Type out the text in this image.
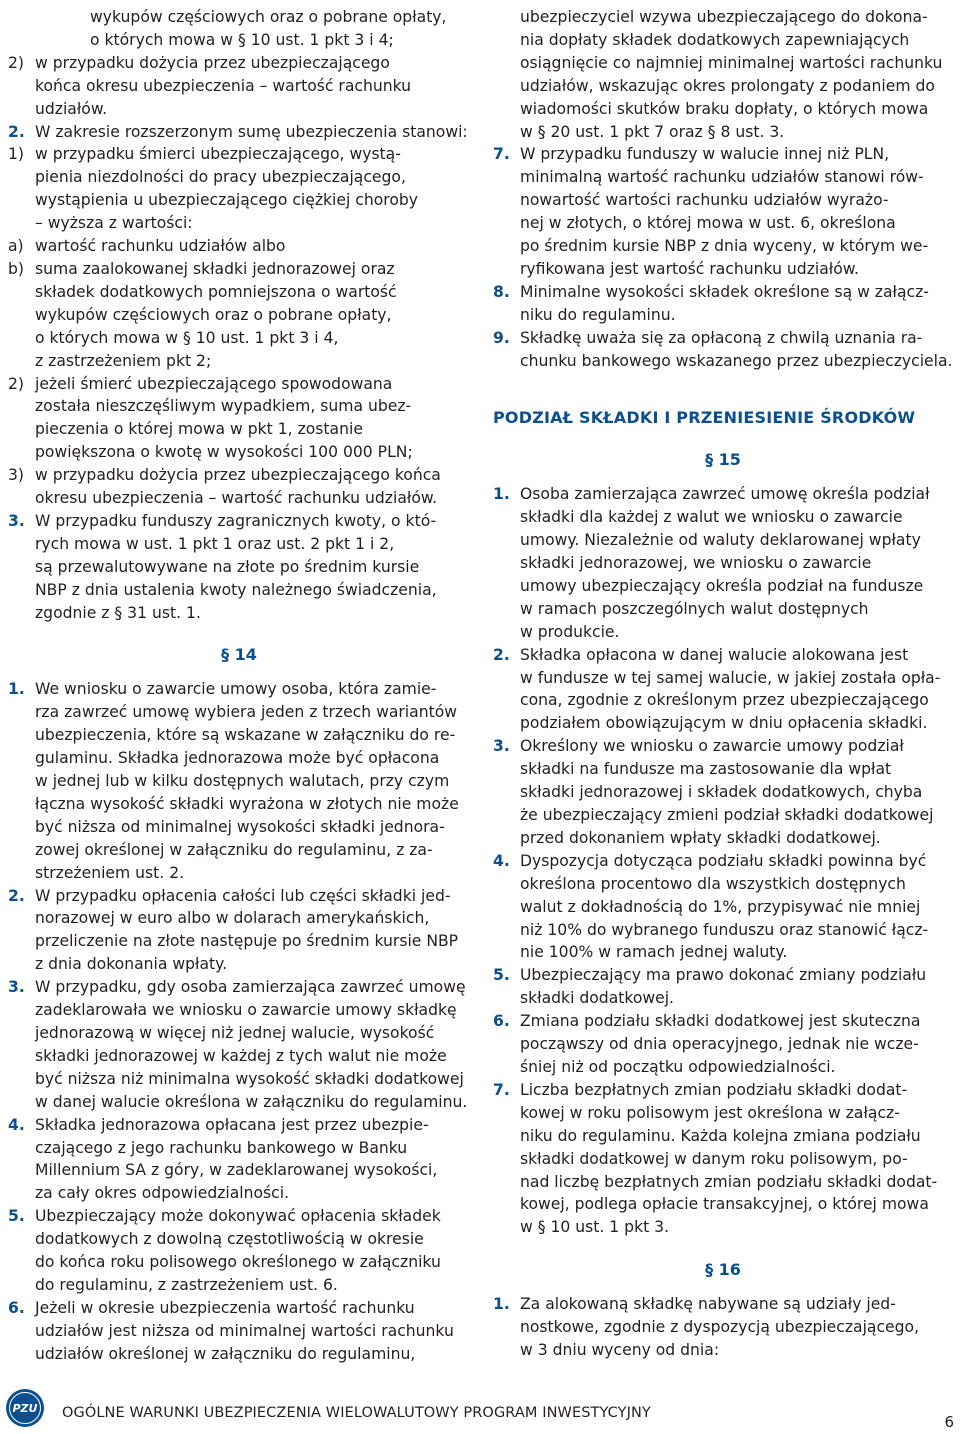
wykupów częściowych oraz o pobrane opłaty,
o których mowa w § 10 ust. 1 pkt 3 i 4;
2) w przypadku dożycia przez ubezpieczającego
końca okresu ubezpieczenia – wartość rachunku
udziałów.
2. W zakresie rozszerzonym sumę ubezpieczenia stanowi:
1) w przypadku śmierci ubezpieczającego, wystą-
pienia niezdolności do pracy ubezpieczającego,
wystąpienia u ubezpieczającego ciężkiej choroby
– wyższa z wartości:
a) wartość rachunku udziałów albo
b) suma zaalokowanej składki jednorazowej oraz
składek dodatkowych pomniejszona o wartość
wykupów częściowych oraz o pobrane opłaty,
o których mowa w § 10 ust. 1 pkt 3 i 4,
z zastrzeżeniem pkt 2;
2) jeżeli śmierć ubezpieczającego spowodowana
została nieszczęśliwym wypadkiem, suma ubez-
pieczenia o której mowa w pkt 1, zostanie
powiększona o kwotę w wysokości 100 000 PLN;
3) w przypadku dożycia przez ubezpieczającego końca
okresu ubezpieczenia – wartość rachunku udziałów.
3. W przypadku funduszy zagranicznych kwoty, o któ-
rych mowa w ust. 1 pkt 1 oraz ust. 2 pkt 1 i 2,
są przewalutowywane na złote po średnim kursie
NBP z dnia ustalenia kwoty należnego świadczenia,
zgodnie z § 31 ust. 1.
§ 14
1. We wniosku o zawarcie umowy osoba, która zamie-
rza zawrzeć umowę wybiera jeden z trzech wariantów
ubezpieczenia, które są wskazane w załączniku do re-
gulaminu. Składka jednorazowa może być opłacona
w jednej lub w kilku dostępnych walutach, przy czym
łączna wysokość składki wyrażona w złotych nie może
być niższa od minimalnej wysokości składki jednora-
zowej określonej w załączniku do regulaminu, z za-
strzeżeniem ust. 2.
2. W przypadku opłacenia całości lub części składki jed-
norazowej w euro albo w dolarach amerykańskich,
przeliczenie na złote następuje po średnim kursie NBP
z dnia dokonania wpłaty.
3. W przypadku, gdy osoba zamierzająca zawrzeć umowę
zadeklarowała we wniosku o zawarcie umowy składkę
jednorazową w więcej niż jednej walucie, wysokość
składki jednorazowej w każdej z tych walut nie może
być niższa niż minimalna wysokość składki dodatkowej
w danej walucie określona w załączniku do regulaminu.
4. Składka jednorazowa opłacana jest przez ubezpie-
czającego z jego rachunku bankowego w Banku
Millennium SA z góry, w zadeklarowanej wysokości,
za cały okres odpowiedzialności.
5. Ubezpieczający może dokonywać opłacenia składek
dodatkowych z dowolną częstotliwością w okresie
do końca roku polisowego określonego w załączniku
do regulaminu, z zastrzeżeniem ust. 6.
6. Jeżeli w okresie ubezpieczenia wartość rachunku
udziałów jest niższa od minimalnej wartości rachunku
udziałów określonej w załączniku do regulaminu,
ubezpieczyciel wzywa ubezpieczającego do dokona-
nia dopłaty składek dodatkowych zapewniających
osiągnięcie co najmniej minimalnej wartości rachunku
udziałów, wskazując okres prolongaty z podaniem do
wiadomości skutków braku dopłaty, o których mowa
w § 20 ust. 1 pkt 7 oraz § 8 ust. 3.
7. W przypadku funduszy w walucie innej niż PLN,
minimalną wartość rachunku udziałów stanowi rów-
nowartość wartości rachunku udziałów wyrażo-
nej w złotych, o której mowa w ust. 6, określona
po średnim kursie NBP z dnia wyceny, w którym we-
ryfikowana jest wartość rachunku udziałów.
8. Minimalne wysokości składek określone są w załącz-
niku do regulaminu.
9. Składkę uważa się za opłaconą z chwilą uznania ra-
chunku bankowego wskazanego przez ubezpieczyciela.
PODZIAŁ SKŁADKI I PRZENIESIENIE ŚRODKÓW
§ 15
1. Osoba zamierzająca zawrzeć umowę określa podział
składki dla każdej z walut we wniosku o zawarcie
umowy. Niezależnie od waluty deklarowanej wpłaty
składki jednorazowej, we wniosku o zawarcie
umowy ubezpieczający określa podział na fundusze
w ramach poszczególnych walut dostępnych
w produkcie.
2. Składka opłacona w danej walucie alokowana jest
w fundusze w tej samej walucie, w jakiej została opła-
cona, zgodnie z określonym przez ubezpieczającego
podziałem obowiązującym w dniu opłacenia składki.
3. Określony we wniosku o zawarcie umowy podział
składki na fundusze ma zastosowanie dla wpłat
składki jednorazowej i składek dodatkowych, chyba
że ubezpieczający zmieni podział składki dodatkowej
przed dokonaniem wpłaty składki dodatkowej.
4. Dyspozycja dotycząca podziału składki powinna być
określona procentowo dla wszystkich dostępnych
walut z dokładnością do 1%, przypisywać nie mniej
niż 10% do wybranego funduszu oraz stanowić łącz-
nie 100% w ramach jednej waluty.
5. Ubezpieczający ma prawo dokonać zmiany podziału
składki dodatkowej.
6. Zmiana podziału składki dodatkowej jest skuteczna
począwszy od dnia operacyjnego, jednak nie wcze-
śniej niż od początku odpowiedzialności.
7. Liczba bezpłatnych zmian podziału składki dodat-
kowej w roku polisowym jest określona w załącz-
niku do regulaminu. Każda kolejna zmiana podziału
składki dodatkowej w danym roku polisowym, po-
nad liczbę bezpłatnych zmian podziału składki dodat-
kowej, podlega opłacie transakcyjnej, o której mowa
w § 10 ust. 1 pkt 3.
§ 16
1. Za alokowaną składkę nabywane są udziały jed-
nostkowe, zgodnie z dyspozycją ubezpieczającego,
w 3 dniu wyceny od dnia:
PZU OGÓLNE WARUNKI UBEZPIECZENIA WIELOWALUTOWY PROGRAM INWESTYCYJNY	6
